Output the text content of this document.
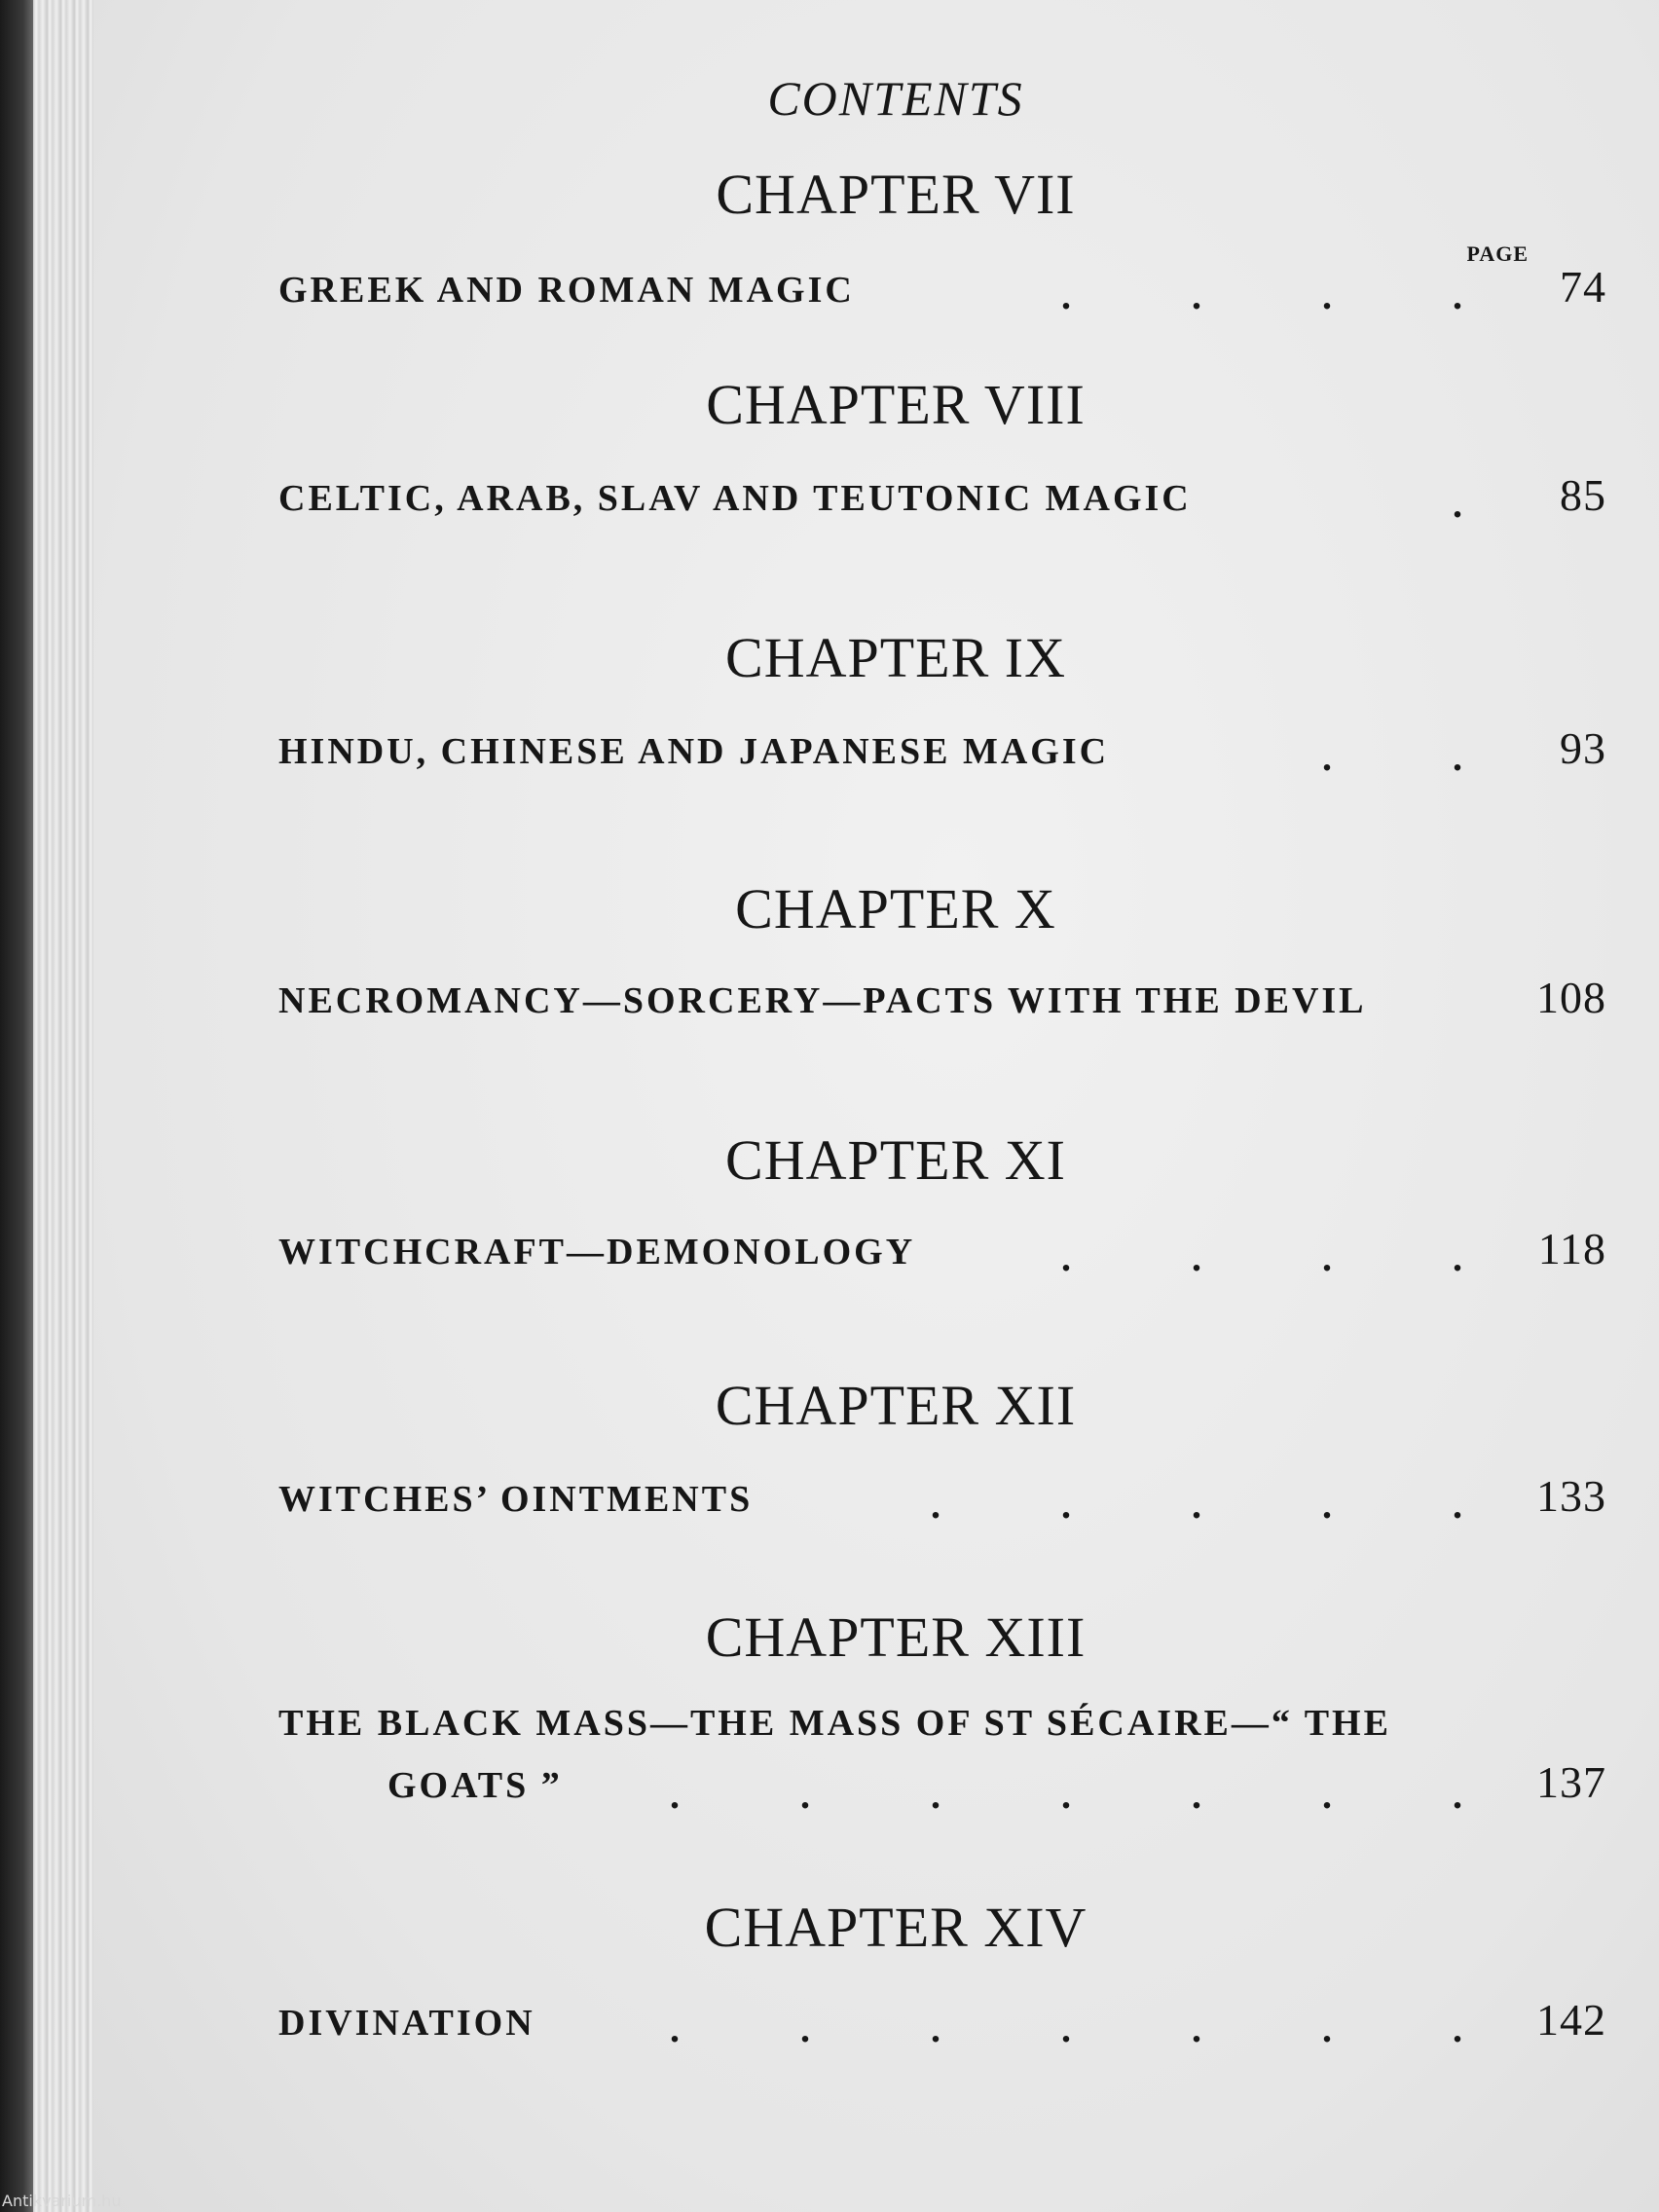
CONTENTS
PAGE
CHAPTER VII
GREEK AND ROMAN MAGIC	.	.	.	. 74
CHAPTER VIII
CELTIC, ARAB, SLAV AND TEUTONIC MAGIC	. 85
CHAPTER IX
HINDU, CHINESE AND JAPANESE MAGIC	.	. 93
CHAPTER X
NECROMANCY—SORCERY—PACTS WITH THE DEVIL	108
CHAPTER XI
WITCHCRAFT—DEMONOLOGY	.	.	.	. 118
CHAPTER XII
WITCHES’ OINTMENTS	.	.	.	.	. 133
CHAPTER XIII
THE BLACK MASS—THE MASS OF ST SÉCAIRE—“ THE
GOATS ”	.	.	.	.	.	.	. 137
CHAPTER XIV
DIVINATION	.	.	.	.	.	.	. 142
Antikvarium.hu
